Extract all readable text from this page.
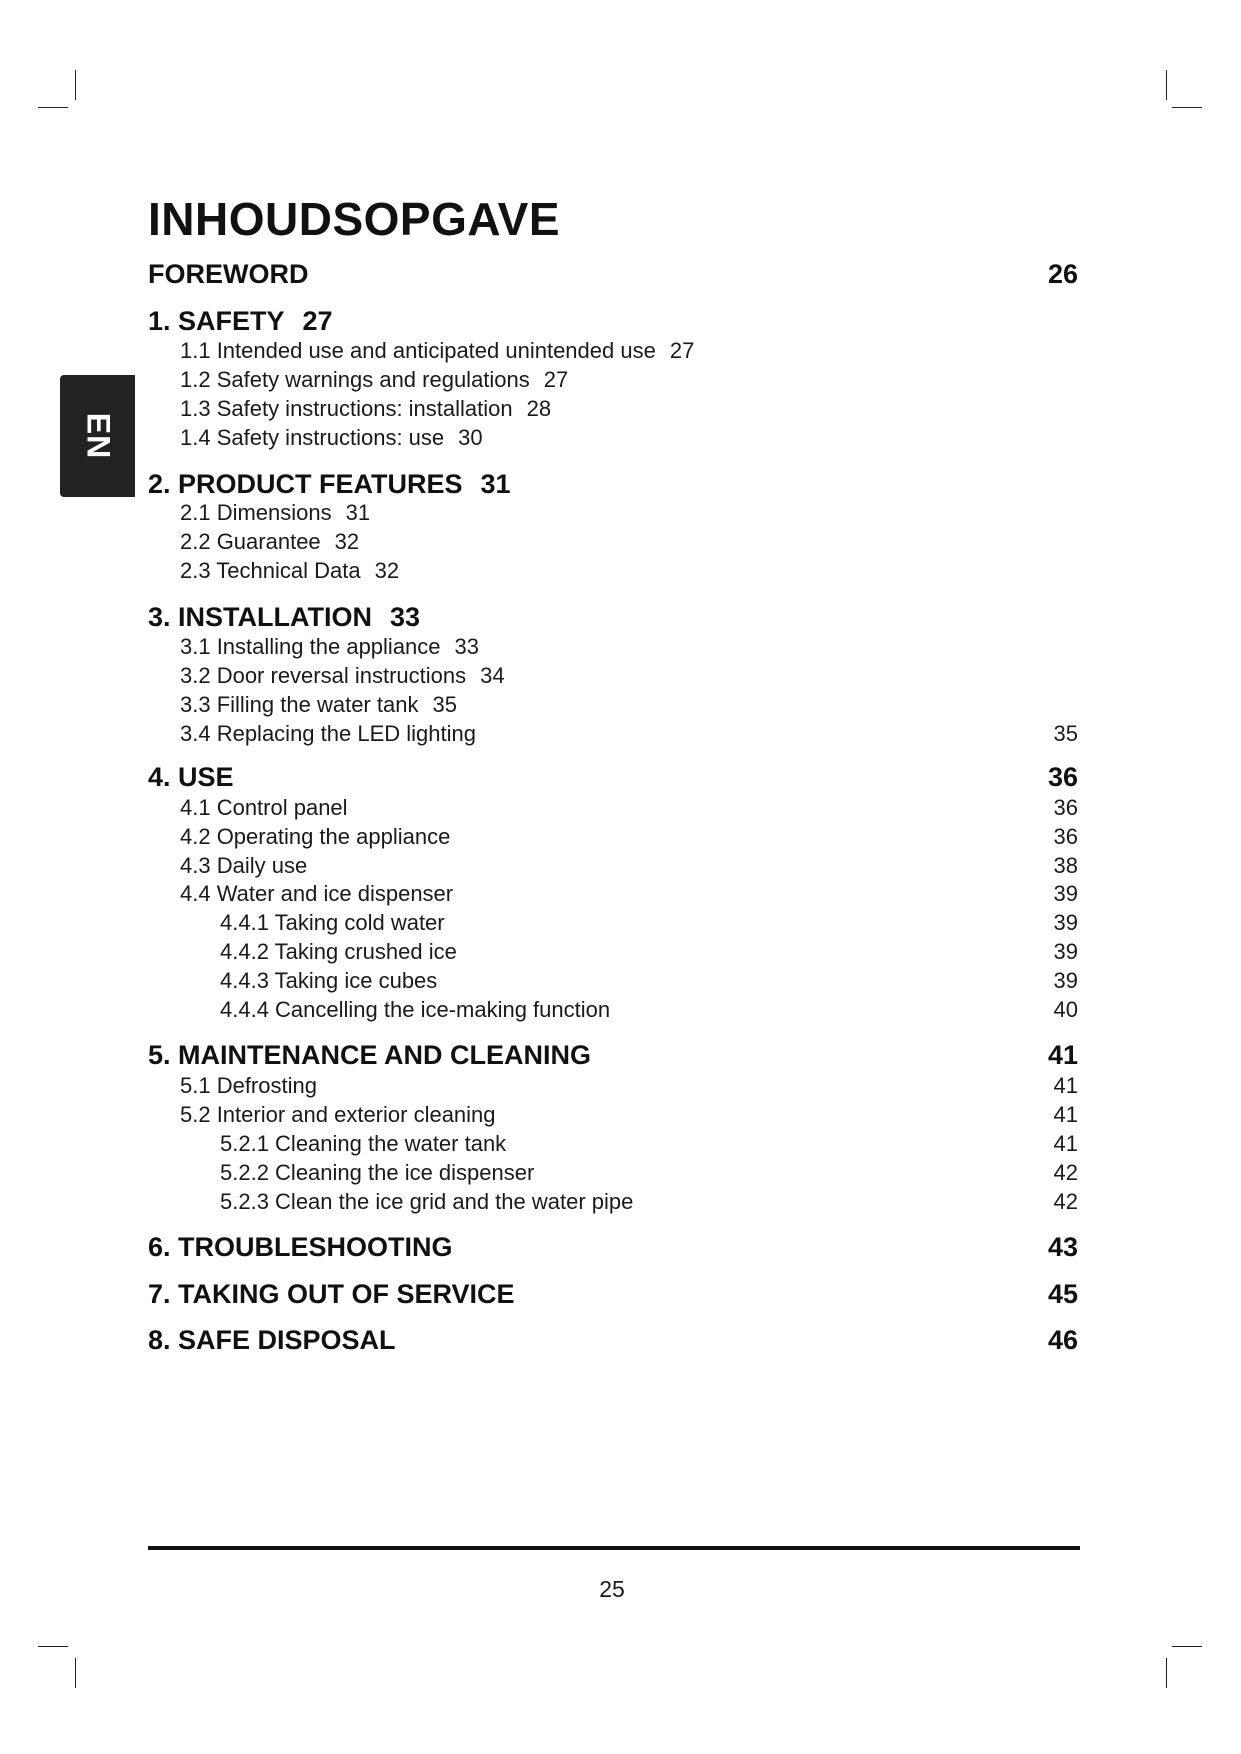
EN
INHOUDSOPGAVE
FOREWORD	26
1. SAFETY 27
1.1 Intended use and anticipated unintended use 27
1.2 Safety warnings and regulations 27
1.3 Safety instructions: installation 28
1.4 Safety instructions: use 30
2. PRODUCT FEATURES 31
2.1 Dimensions 31
2.2 Guarantee 32
2.3 Technical Data 32
3. INSTALLATION 33
3.1 Installing the appliance 33
3.2 Door reversal instructions 34
3.3 Filling the water tank 35
3.4 Replacing the LED lighting	35
4. USE	36
4.1 Control panel	36
4.2 Operating the appliance	36
4.3 Daily use	38
4.4 Water and ice dispenser	39
4.4.1 Taking cold water	39
4.4.2 Taking crushed ice	39
4.4.3 Taking ice cubes	39
4.4.4 Cancelling the ice-making function	40
5. MAINTENANCE AND CLEANING	41
5.1 Defrosting	41
5.2 Interior and exterior cleaning	41
5.2.1 Cleaning the water tank	41
5.2.2 Cleaning the ice dispenser	42
5.2.3 Clean the ice grid and the water pipe	42
6. TROUBLESHOOTING	43
7. TAKING OUT OF SERVICE	45
8. SAFE DISPOSAL	46
25
